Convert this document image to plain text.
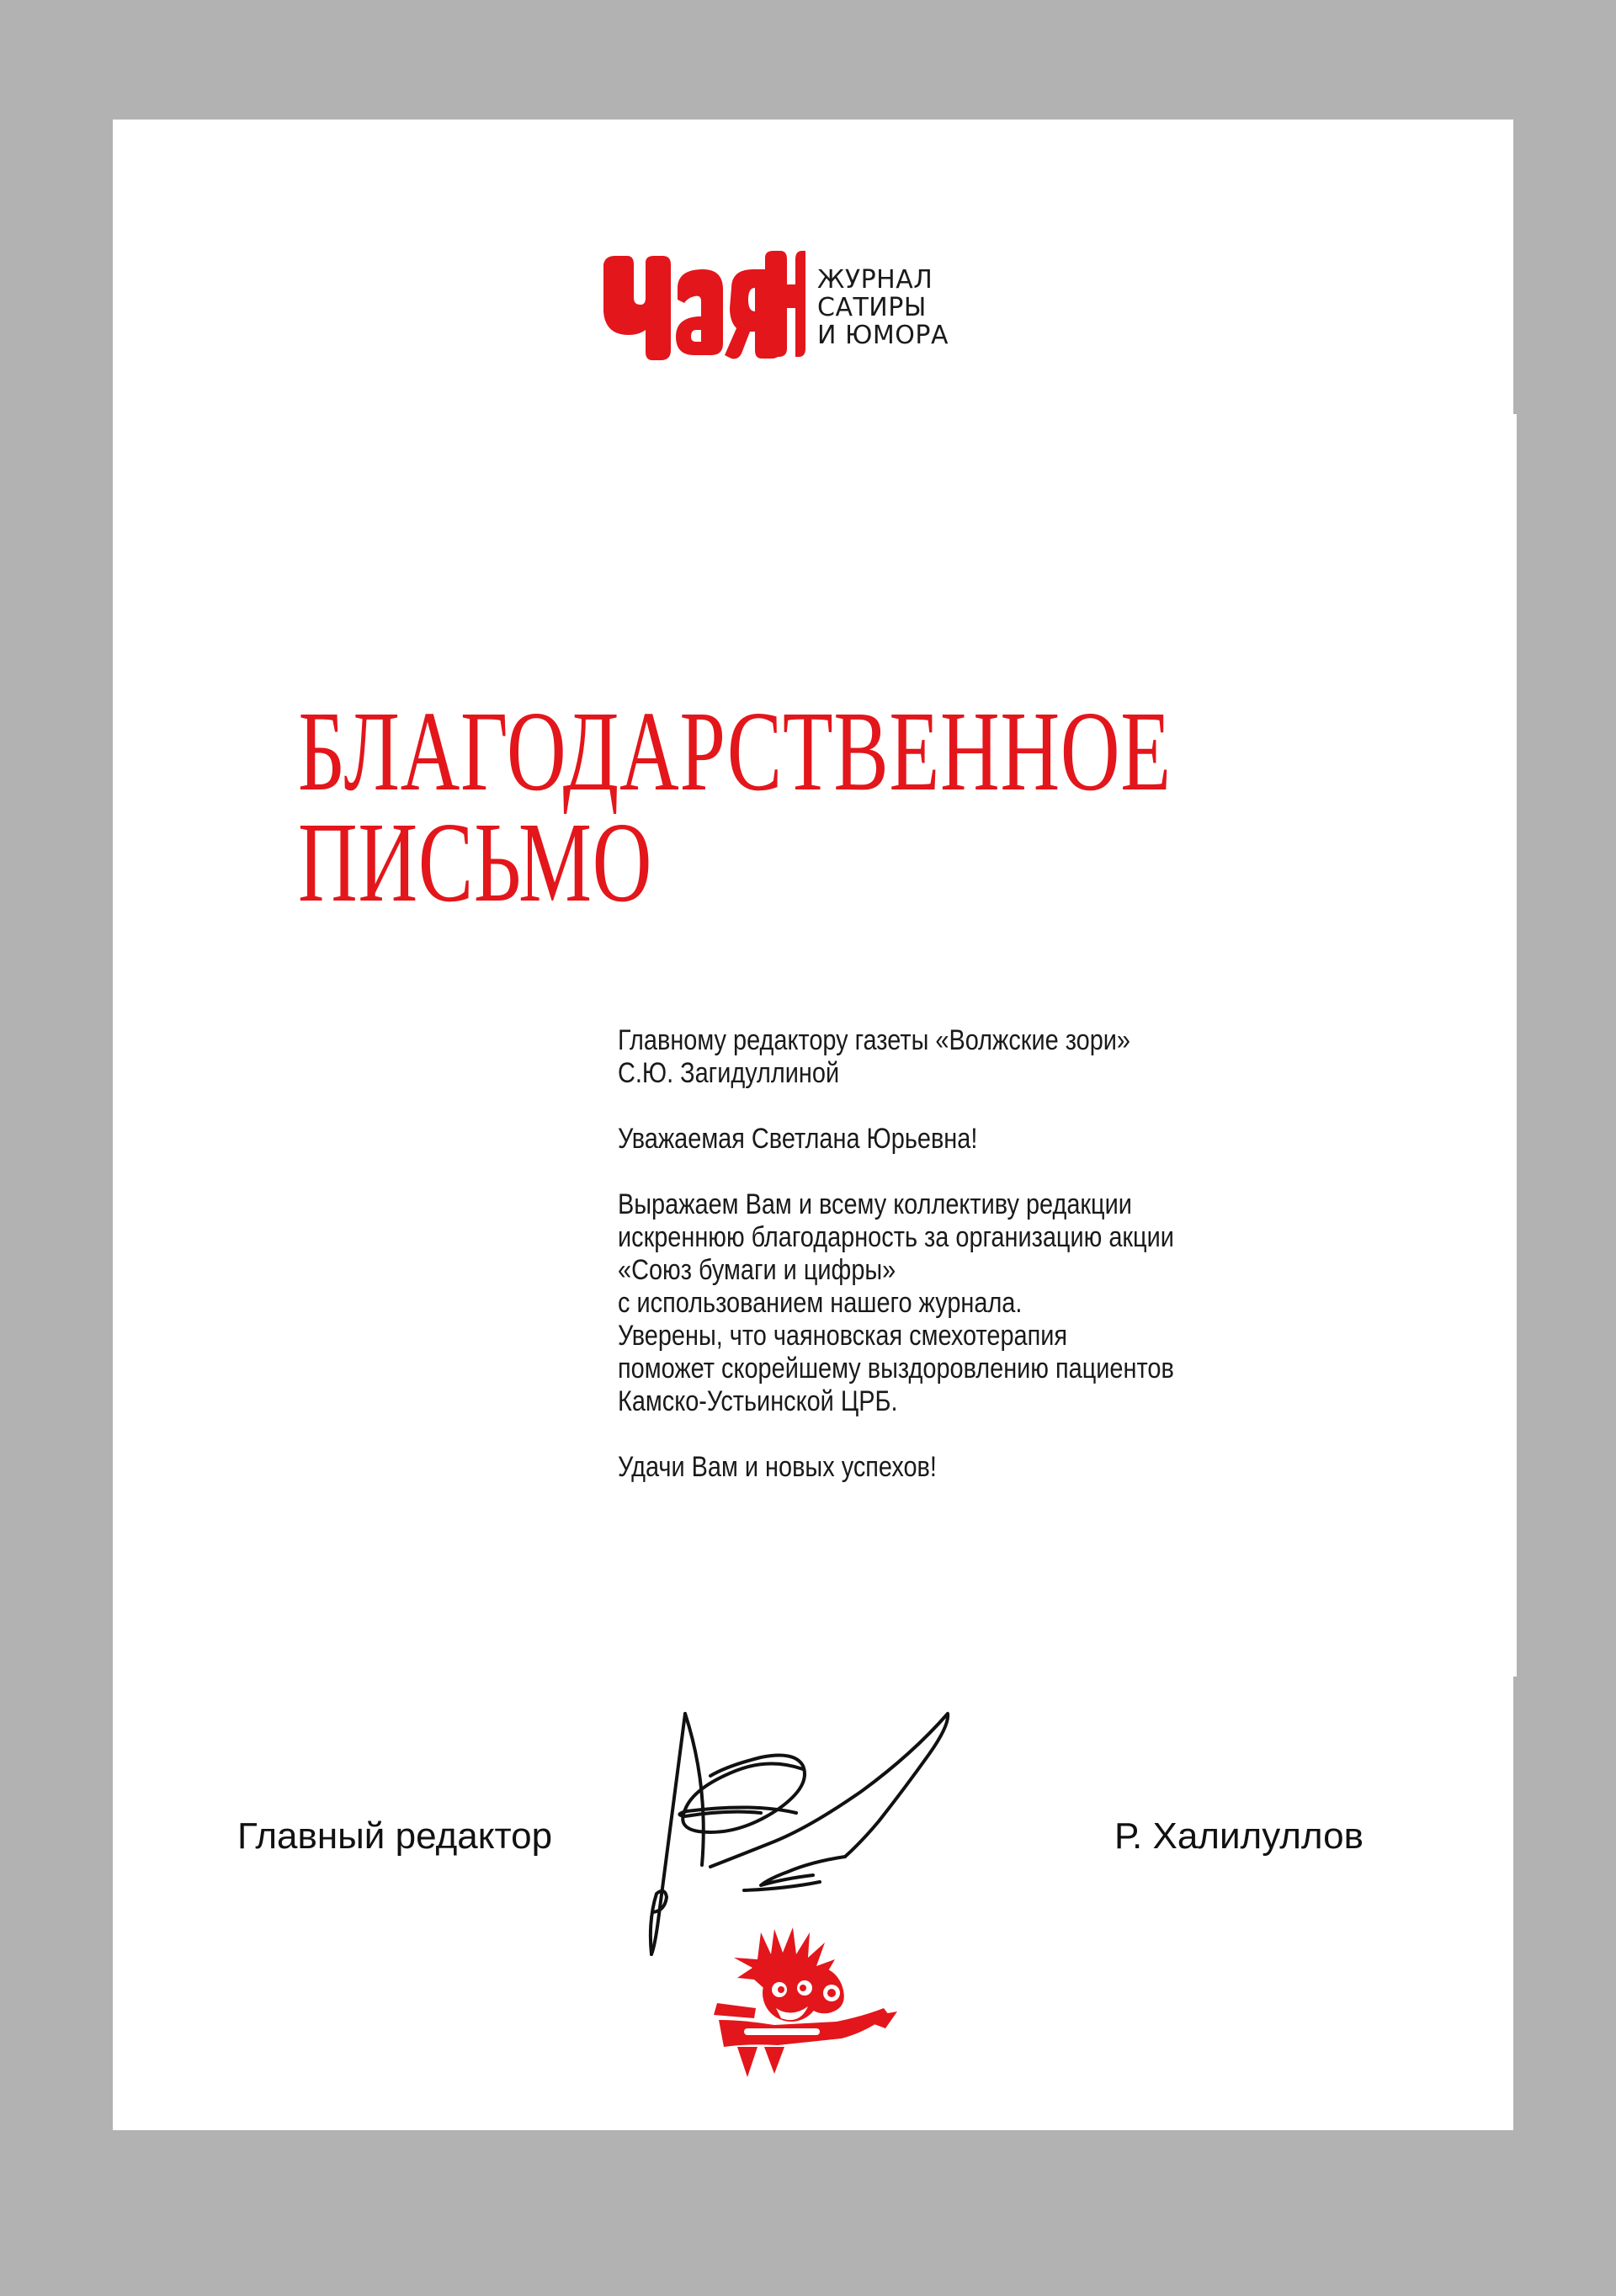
ЖУРНАЛ
САТИРЫ
И ЮМОРА
БЛАГОДАРСТВЕННОЕ
ПИСЬМО
Главному редактору газеты «Волжские зори»
С.Ю. Загидуллиной
Уважаемая Светлана Юрьевна!
Выражаем Вам и всему коллективу редакции
искреннюю благодарность за организацию акции
«Союз бумаги и цифры»
с использованием нашего журнала.
Уверены, что чаяновская смехотерапия
поможет скорейшему выздоровлению пациентов
Камско-Устьинской ЦРБ.
Удачи Вам и новых успехов!
Главный редактор	Р. Халилуллов
